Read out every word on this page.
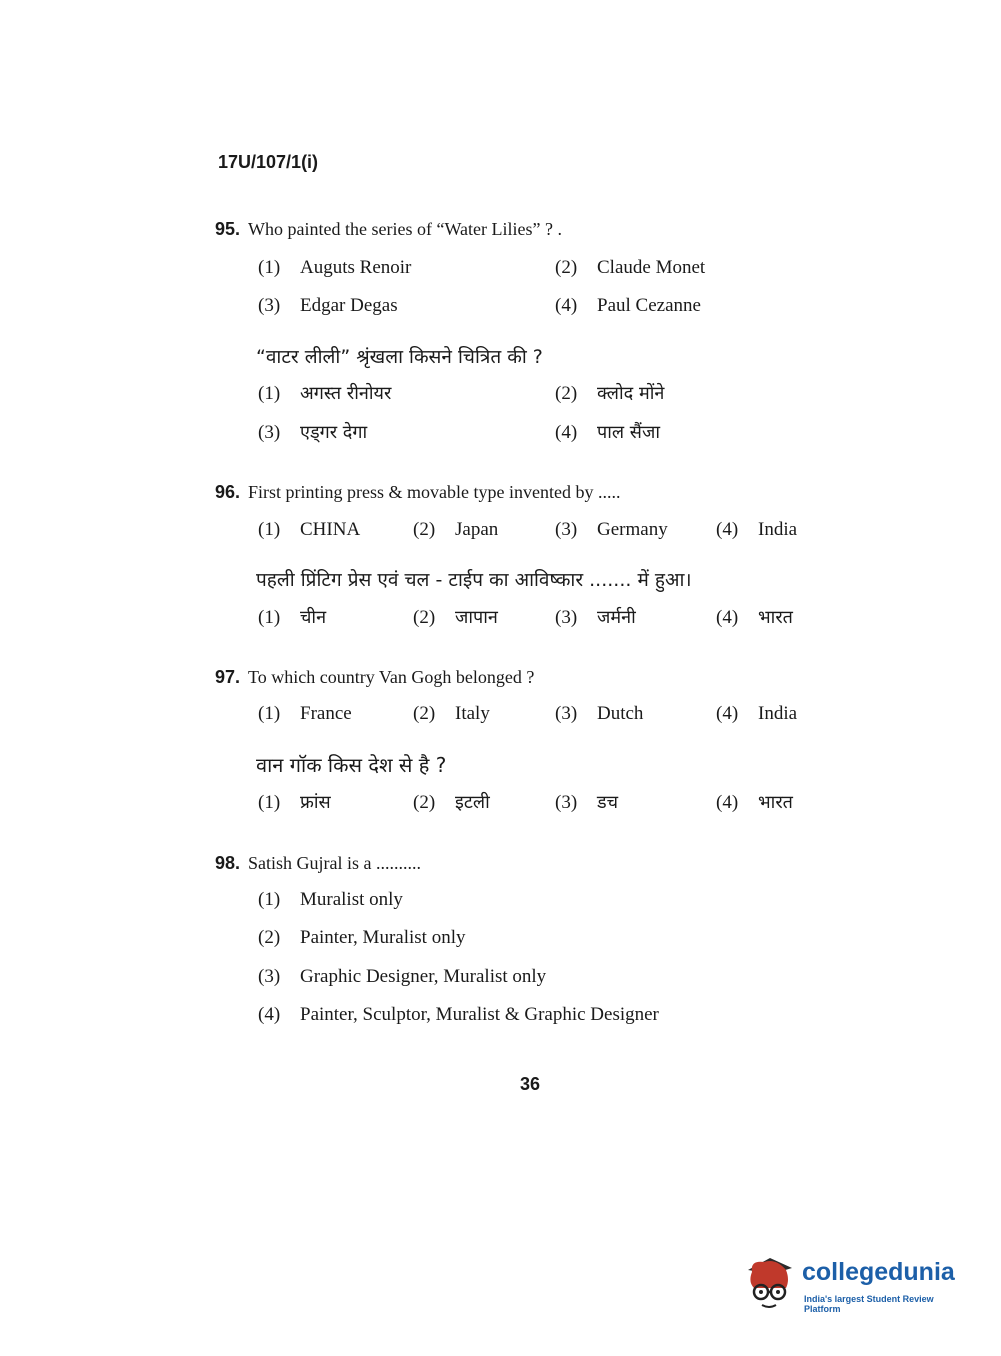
17U/107/1(i)
95. Who painted the series of “Water Lilies” ? .
(1) Auguts Renoir	(2) Claude Monet
(3) Edgar Degas	(4) Paul Cezanne
“वाटर लीली” श्रृंखला किसने चित्रित की ?
(1) अगस्त रीनोयर	(2) क्लोद मोंने
(3) एड्गर देगा	(4) पाल सैंजा
96. First printing press & movable type invented by .....
(1) CHINA	(2) Japan	(3) Germany	(4) India
पहली प्रिंटिग प्रेस एवं चल - टाईप का आविष्कार ....... में हुआ।
(1) चीन	(2) जापान	(3) जर्मनी	(4) भारत
97. To which country Van Gogh belonged ?
(1) France	(2) Italy	(3) Dutch	(4) India
वान गॉक किस देश से है ?
(1) फ्रांस	(2) इटली	(3) डच	(4) भारत
98. Satish Gujral is a ..........
(1) Muralist only
(2) Painter, Muralist only
(3) Graphic Designer, Muralist only
(4) Painter, Sculptor, Muralist & Graphic Designer
36
collegedunia
India's largest Student Review Platform
